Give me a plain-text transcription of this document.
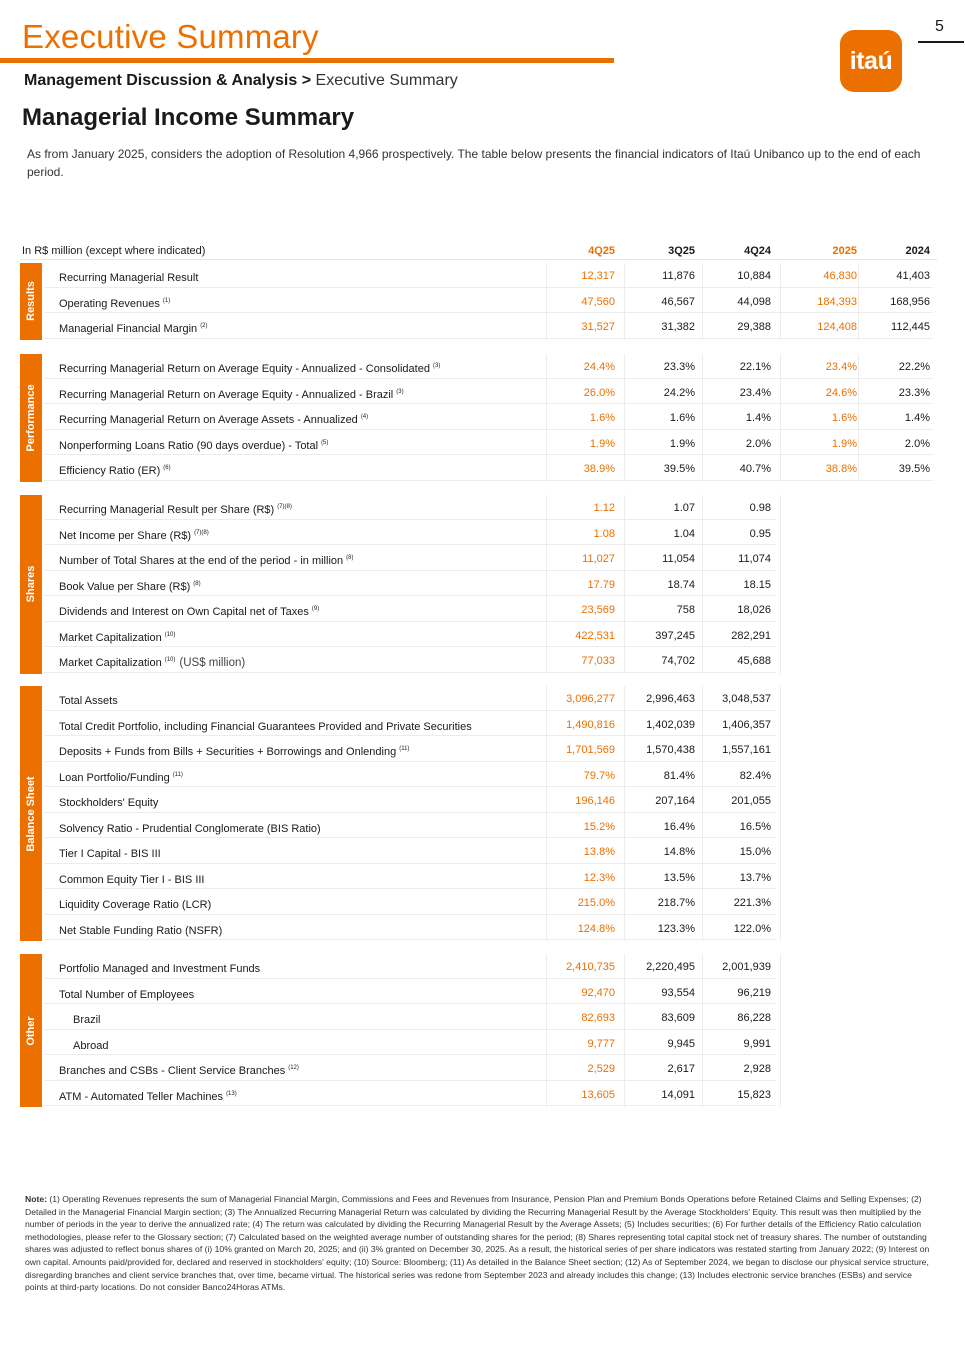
Executive Summary	5
itaú
Management Discussion & Analysis > Executive Summary
Managerial Income Summary
As from January 2025, considers the adoption of Resolution 4,966 prospectively. The table below presents the financial indicators of Itaú Unibanco up to the end of each period.
In R$ million (except where indicated)	4Q25	3Q25	4Q24	2025	2024
Results
Recurring Managerial Result	12,317	11,876	10,884	46,830	41,403
Operating Revenues $^{(1)}$	47,560	46,567	44,098	184,393	168,956
Managerial Financial Margin $^{(2)}$	31,527	31,382	29,388	124,408	112,445
Performance
Recurring Managerial Return on Average Equity - Annualized - Consolidated $^{(3)}$	24.4%	23.3%	22.1%	23.4%	22.2%
Recurring Managerial Return on Average Equity - Annualized - Brazil $^{(3)}$	26.0%	24.2%	23.4%	24.6%	23.3%
Recurring Managerial Return on Average Assets - Annualized $^{(4)}$	1.6%	1.6%	1.4%	1.6%	1.4%
Nonperforming Loans Ratio (90 days overdue) - Total $^{(5)}$	1.9%	1.9%	2.0%	1.9%	2.0%
Efficiency Ratio (ER) $^{(6)}$	38.9%	39.5%	40.7%	38.8%	39.5%
Shares
Recurring Managerial Result per Share (R$) $^{(7)(8)}$	1.12	1.07	0.98
Net Income per Share (R$) $^{(7)(8)}$	1.08	1.04	0.95
Number of Total Shares at the end of the period - in million $^{(8)}$	11,027	11,054	11,074
Book Value per Share (R$) $^{(8)}$	17.79	18.74	18.15
Dividends and Interest on Own Capital net of Taxes $^{(9)}$	23,569	758	18,026
Market Capitalization $^{(10)}$	422,531	397,245	282,291
Market Capitalization $^{(10)}$ (US$ million)	77,033	74,702	45,688
Balance Sheet
Total Assets	3,096,277	2,996,463	3,048,537
Total Credit Portfolio, including Financial Guarantees Provided and Private Securities	1,490,816	1,402,039	1,406,357
Deposits + Funds from Bills + Securities + Borrowings and Onlending $^{(11)}$	1,701,569	1,570,438	1,557,161
Loan Portfolio/Funding $^{(11)}$	79.7%	81.4%	82.4%
Stockholders' Equity	196,146	207,164	201,055
Solvency Ratio - Prudential Conglomerate (BIS Ratio)	15.2%	16.4%	16.5%
Tier I Capital - BIS III	13.8%	14.8%	15.0%
Common Equity Tier I - BIS III	12.3%	13.5%	13.7%
Liquidity Coverage Ratio (LCR)	215.0%	218.7%	221.3%
Net Stable Funding Ratio (NSFR)	124.8%	123.3%	122.0%
Other
Portfolio Managed and Investment Funds	2,410,735	2,220,495	2,001,939
Total Number of Employees	92,470	93,554	96,219
Brazil	82,693	83,609	86,228
Abroad	9,777	9,945	9,991
Branches and CSBs - Client Service Branches $^{(12)}$	2,529	2,617	2,928
ATM - Automated Teller Machines $^{(13)}$	13,605	14,091	15,823
Note: (1) Operating Revenues represents the sum of Managerial Financial Margin, Commissions and Fees and Revenues from Insurance, Pension Plan and Premium Bonds Operations before Retained Claims and Selling Expenses; (2) Detailed in the Managerial Financial Margin section; (3) The Annualized Recurring Managerial Return was calculated by dividing the Recurring Managerial Result by the Average Stockholders' Equity. This result was then multiplied by the number of periods in the year to derive the annualized rate; (4) The return was calculated by dividing the Recurring Managerial Result by the Average Assets; (5) Includes securities; (6) For further details of the Efficiency Ratio calculation methodologies, please refer to the Glossary section; (7) Calculated based on the weighted average number of outstanding shares for the period; (8) Shares representing total capital stock net of treasury shares. The number of outstanding shares was adjusted to reflect bonus shares of (i) 10% granted on March 20, 2025; and (ii) 3% granted on December 30, 2025. As a result, the historical series of per share indicators was restated starting from January 2022; (9) Interest on own capital. Amounts paid/provided for, declared and reserved in stockholders' equity; (10) Source: Bloomberg; (11) As detailed in the Balance Sheet section; (12) As of September 2024, we began to disclose our physical service structure, disregarding branches and client service branches that, over time, became virtual. The historical series was redone from September 2023 and already includes this change; (13) Includes electronic service branches (ESBs) and service points at third-party locations. Do not consider Banco24Horas ATMs.
